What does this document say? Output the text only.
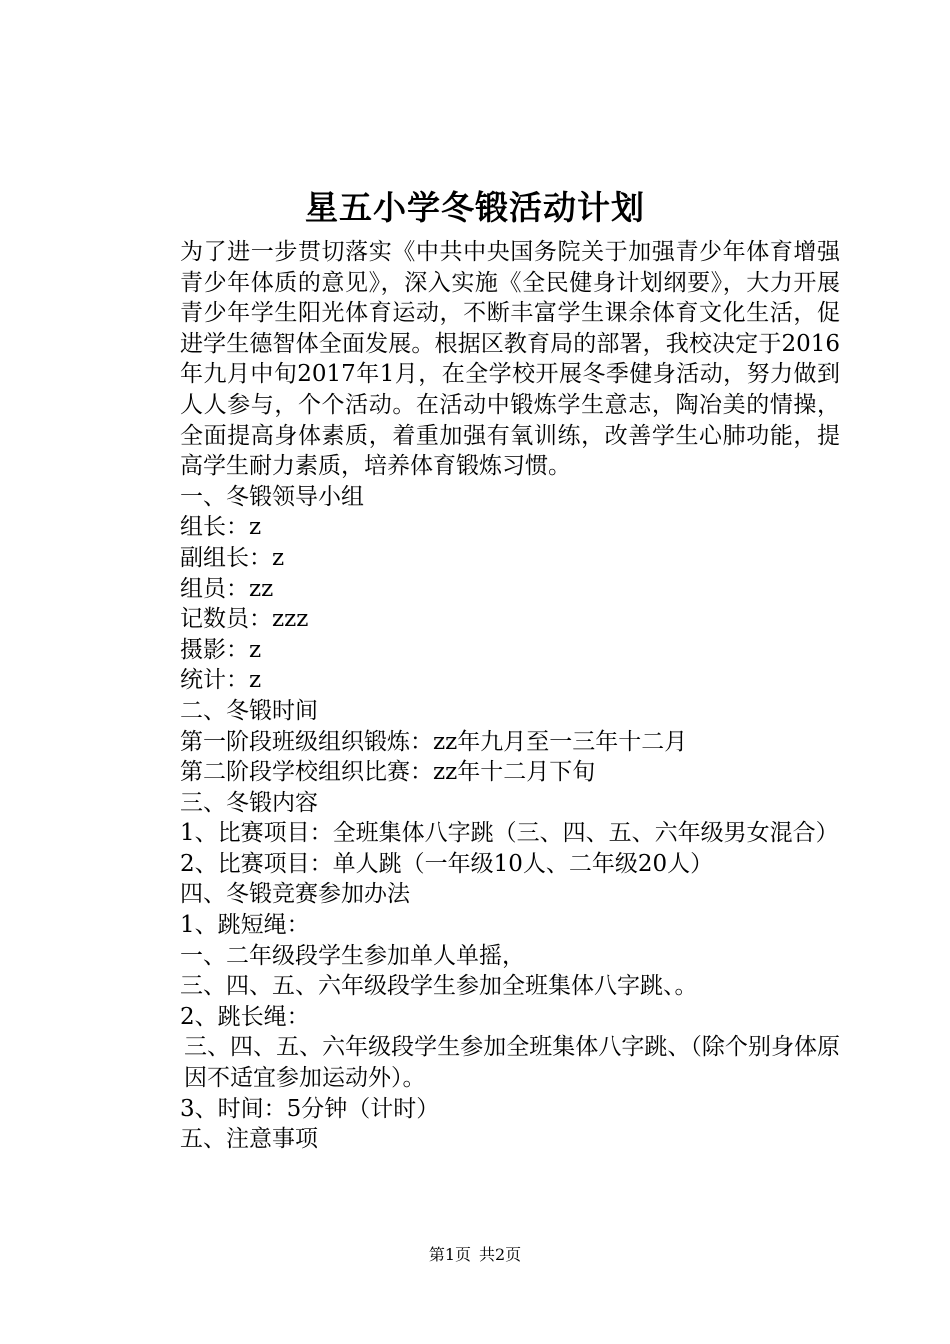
星五小学冬锻活动计划

为了进一步贯切落实《中共中央国务院关于加强青少年体育增强青少年体质的意见》，深入实施《全民健身计划纲要》，大力开展青少年学生阳光体育运动，不断丰富学生课余体育文化生活，促进学生德智体全面发展。根据区教育局的部署，我校决定于2016年九月中旬2017年1月，在全学校开展冬季健身活动，努力做到人人参与，个个活动。在活动中锻炼学生意志，陶冶美的情操，全面提高身体素质，着重加强有氧训练，改善学生心肺功能，提高学生耐力素质，培养体育锻炼习惯。

一、冬锻领导小组
组长：z
副组长：z
组员：zz
记数员：zzz
摄影：z
统计：z
二、冬锻时间
第一阶段班级组织锻炼：zz年九月至一三年十二月
第二阶段学校组织比赛：zz年十二月下旬
三、冬锻内容

1、比赛项目：全班集体八字跳（三、四、五、六年级男女混合）

2、比赛项目：单人跳（一年级10人、二年级20人）
四、冬锻竞赛参加办法
1、跳短绳：
一、二年级段学生参加单人单摇，
三、四、五、六年级段学生参加全班集体八字跳、。
2、跳长绳：

三、四、五、六年级段学生参加全班集体八字跳、（除个别身体原因不适宜参加运动外）。

3、时间：5分钟（计时）
五、注意事项
第1页 共2页
